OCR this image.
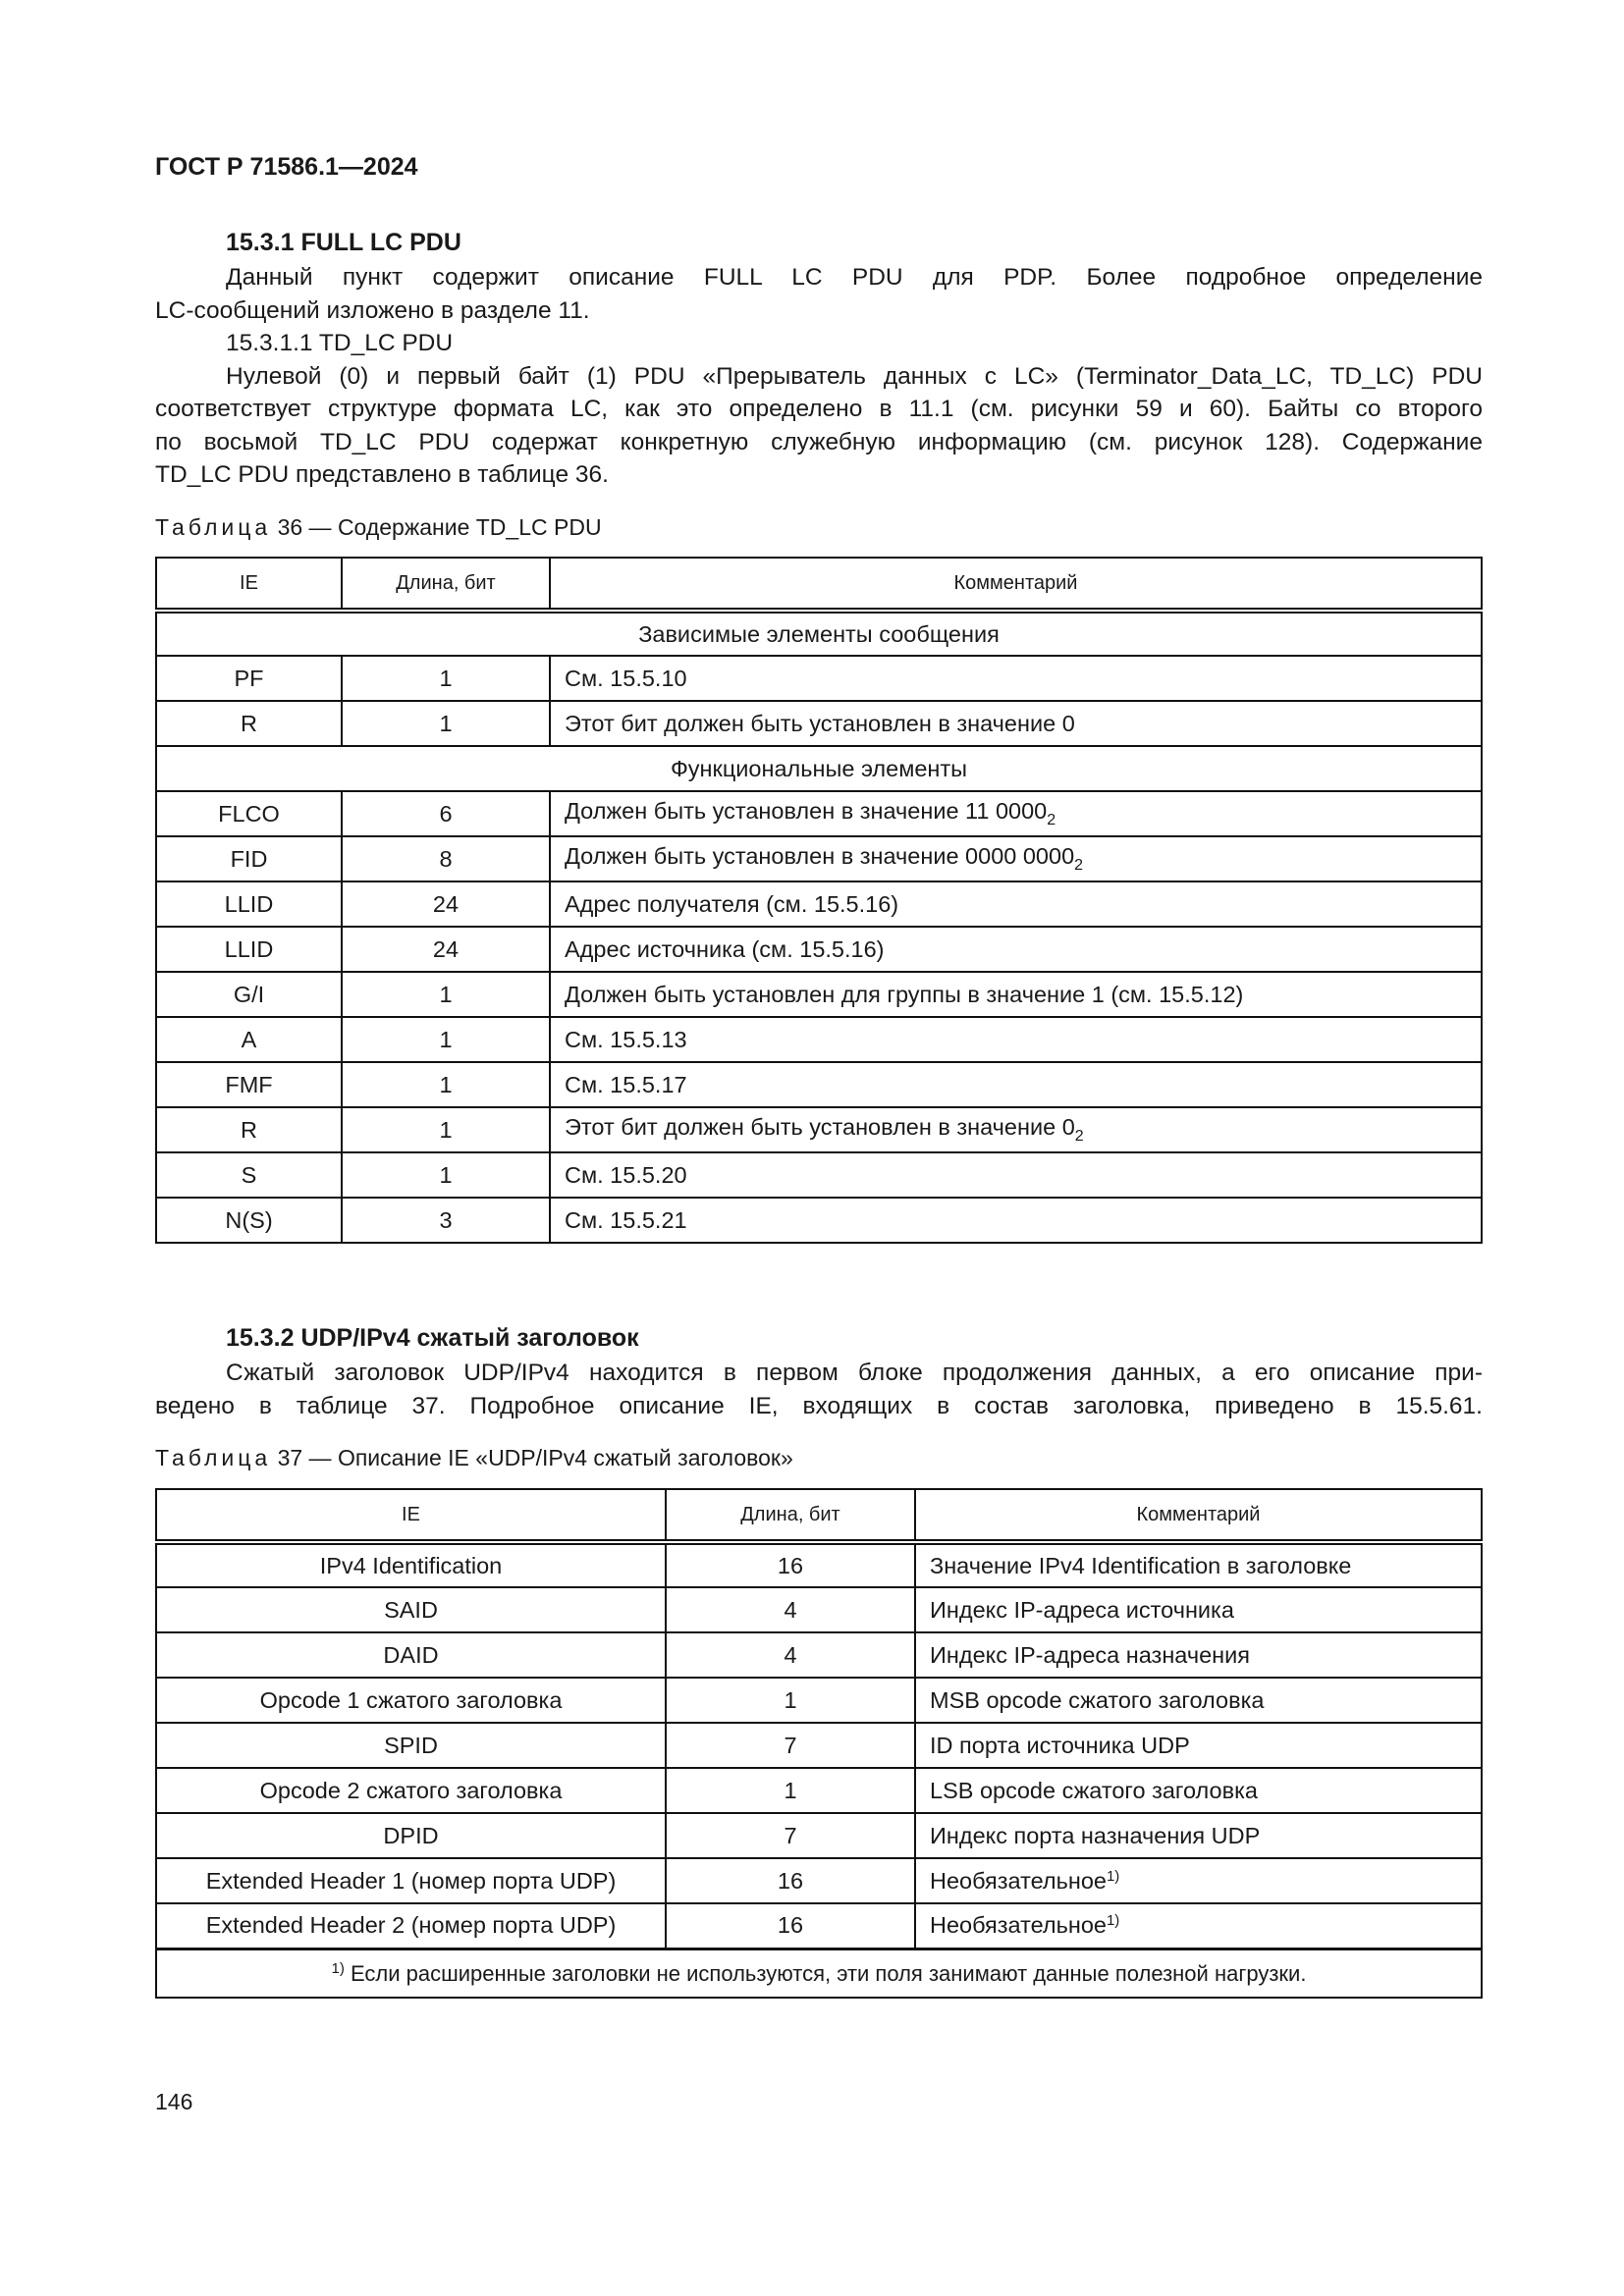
ГОСТ Р 71586.1—2024
15.3.1 FULL LC PDU
Данный пункт содержит описание FULL LC PDU для PDP. Более подробное определение
LC-сообщений изложено в разделе 11.
15.3.1.1 TD_LC PDU
Нулевой (0) и первый байт (1) PDU «Прерыватель данных с LC» (Terminator_Data_LC, TD_LC) PDU
соответствует структуре формата LC, как это определено в 11.1 (см. рисунки 59 и 60). Байты со второго
по восьмой TD_LC PDU содержат конкретную служебную информацию (см. рисунок 128). Содержание
TD_LC PDU представлено в таблице 36.
Таблица 36 — Содержание TD_LC PDU
IE	Длина, бит	Комментарий
Зависимые элементы сообщения		
PF	1	См. 15.5.10
R	1	Этот бит должен быть установлен в значение 0
Функциональные элементы		
FLCO	6	Должен быть установлен в значение 11 $0000_2$
FID	8	Должен быть установлен в значение 0000 $0000_2$
LLID	24	Адрес получателя (см. 15.5.16)
LLID	24	Адрес источника (см. 15.5.16)
G/I	1	Должен быть установлен для группы в значение 1 (см. 15.5.12)
A	1	См. 15.5.13
FMF	1	См. 15.5.17
R	1	Этот бит должен быть установлен в значение $0_2$
S	1	См. 15.5.20
N(S)	3	См. 15.5.21
15.3.2 UDP/IPv4 сжатый заголовок
Сжатый заголовок UDP/IPv4 находится в первом блоке продолжения данных, а его описание при-
ведено в таблице 37. Подробное описание IE, входящих в состав заголовка, приведено в 15.5.61.
Таблица 37 — Описание IE «UDP/IPv4 сжатый заголовок»
IE	Длина, бит	Комментарий
IPv4 Identification	16	Значение IPv4 Identification в заголовке
SAID	4	Индекс IP-адреса источника
DAID	4	Индекс IP-адреса назначения
Opcode 1 сжатого заголовка	1	MSB opcode сжатого заголовка
SPID	7	ID порта источника UDP
Opcode 2 сжатого заголовка	1	LSB opcode сжатого заголовка
DPID	7	Индекс порта назначения UDP
Extended Header 1 (номер порта UDP)	16	Необязательное$^{1)}$
Extended Header 2 (номер порта UDP)	16	Необязательное$^{1)}$
$^{1)}$ Если расширенные заголовки не используются, эти поля занимают данные полезной нагрузки.		
146
